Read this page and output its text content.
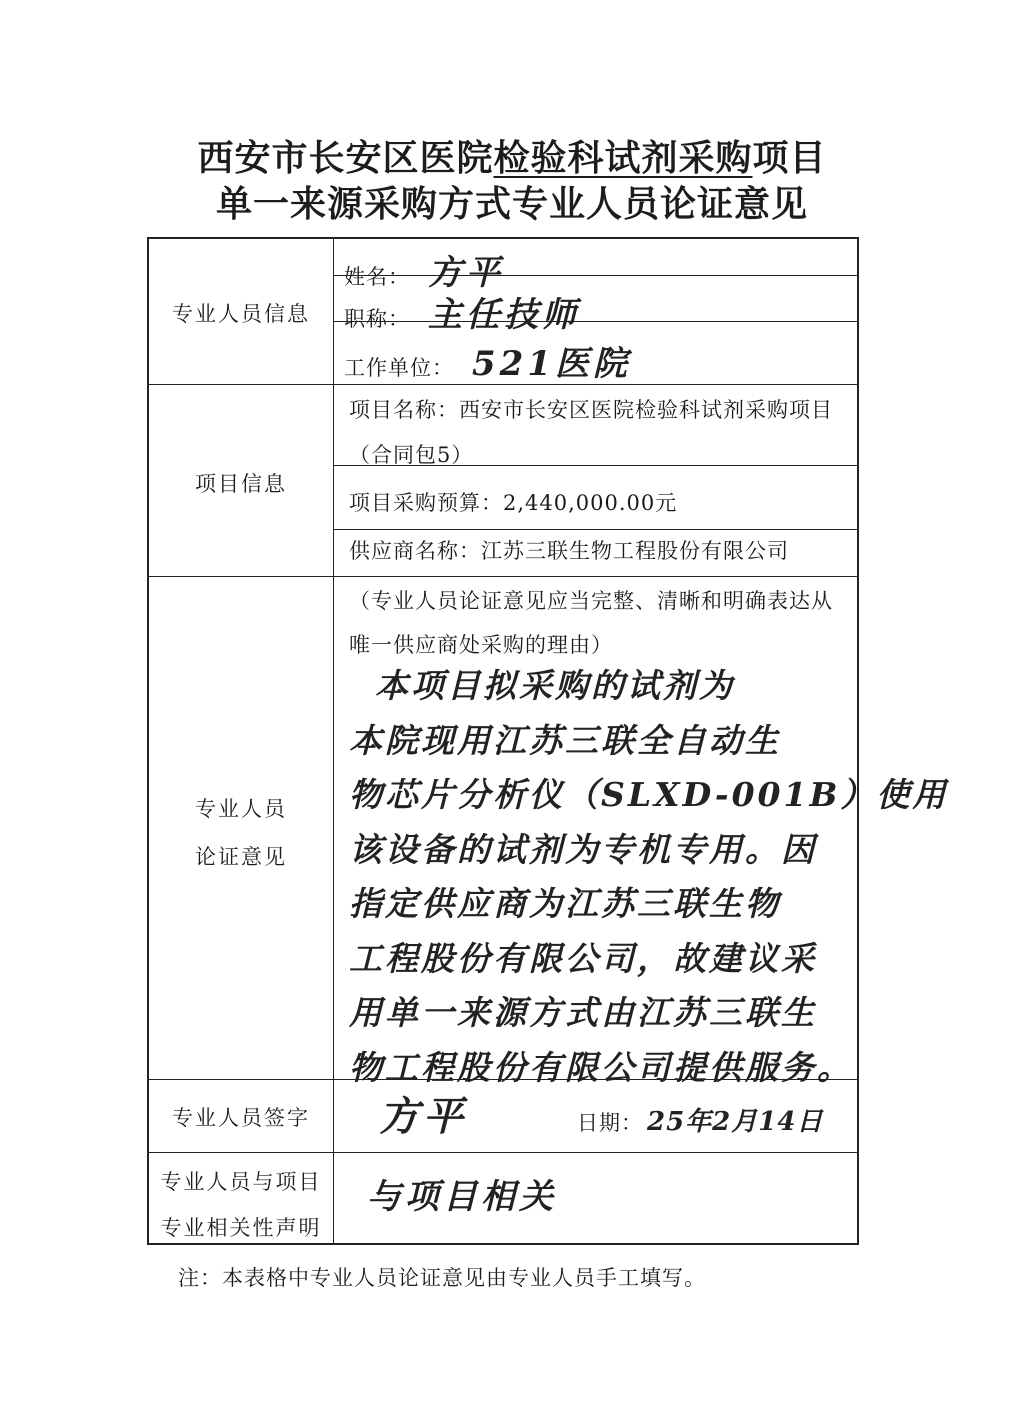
西安市长安区医院检验科试剂采购项目
单一来源采购方式专业人员论证意见
专业人员信息
姓名： 方平
职称： 主任技师
工作单位： 521医院
项目信息
项目名称：西安市长安区医院检验科试剂采购项目
（合同包5）
项目采购预算：2,440,000.00元
供应商名称：江苏三联生物工程股份有限公司
专业人员
论证意见
（专业人员论证意见应当完整、清晰和明确表达从
唯一供应商处采购的理由）
本项目拟采购的试剂为
本院现用江苏三联全自动生
物芯片分析仪（SLXD-001B）使用
该设备的试剂为专机专用。因
指定供应商为江苏三联生物
工程股份有限公司，故建议采
用单一来源方式由江苏三联生
物工程股份有限公司提供服务。
专业人员签字	方平	日期： 25年2月14日
专业人员与项目
专业相关性声明
与项目相关
注：本表格中专业人员论证意见由专业人员手工填写。
